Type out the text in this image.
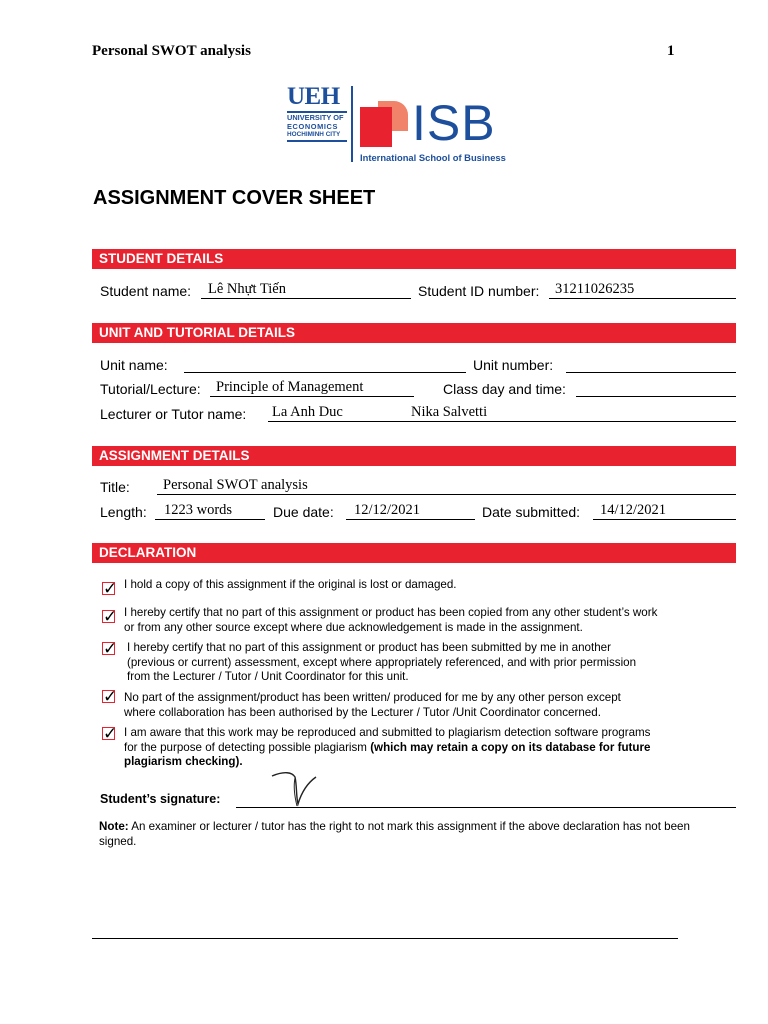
Personal SWOT analysis	1
UEH
UNIVERSITY OF
ECONOMICS
HOCHIMINH CITY ISB
International School of Business
ASSIGNMENT COVER SHEET
STUDENT DETAILS
Student name: Lê Nhựt Tiến	Student ID number: 31211026235
UNIT AND TUTORIAL DETAILS
Unit name:	Unit number:
Tutorial/Lecture: Principle of Management	Class day and time:
Lecturer or Tutor name: La Anh Duc	Nika Salvetti
ASSIGNMENT DETAILS
Title: Personal SWOT analysis
Length: 1223 words	Due date: 12/12/2021	Date submitted: 14/12/2021
DECLARATION
✓ I hold a copy of this assignment if the original is lost or damaged.
✓ I hereby certify that no part of this assignment or product has been copied from any other student’s work
or from any other source except where due acknowledgement is made in the assignment.
✓ I hereby certify that no part of this assignment or product has been submitted by me in another
(previous or current) assessment, except where appropriately referenced, and with prior permission
from the Lecturer / Tutor / Unit Coordinator for this unit.
✓ No part of the assignment/product has been written/ produced for me by any other person except
where collaboration has been authorised by the Lecturer / Tutor /Unit Coordinator concerned.
✓ I am aware that this work may be reproduced and submitted to plagiarism detection software programs
for the purpose of detecting possible plagiarism (which may retain a copy on its database for future
plagiarism checking).
Student’s signature:
Note: An examiner or lecturer / tutor has the right to not mark this assignment if the above declaration has not been signed.
